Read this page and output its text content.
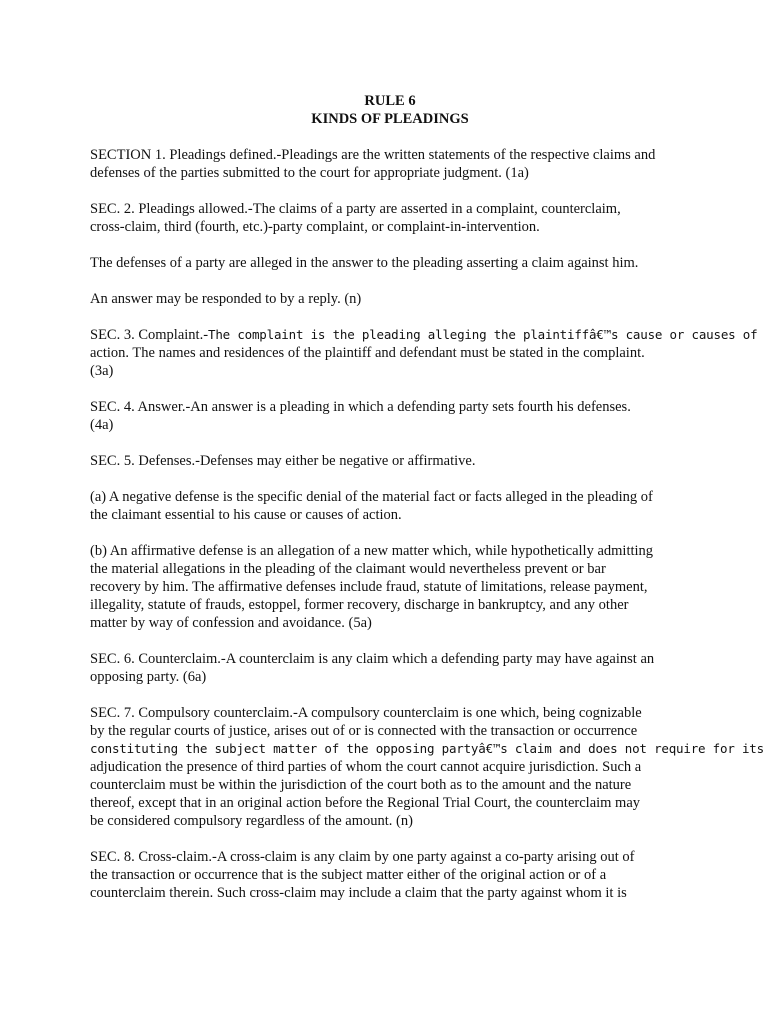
RULE 6
KINDS OF PLEADINGS

SECTION 1. Pleadings defined.-Pleadings are the written statements of the respective claims and
defenses of the parties submitted to the court for appropriate judgment. (1a)

SEC. 2. Pleadings allowed.-The claims of a party are asserted in a complaint, counterclaim,
cross-claim, third (fourth, etc.)-party complaint, or complaint-in-intervention.

The defenses of a party are alleged in the answer to the pleading asserting a claim against him.

An answer may be responded to by a reply. (n)

SEC. 3. Complaint.-The complaint is the pleading alleging the plaintiffâ€™s cause or causes of
action. The names and residences of the plaintiff and defendant must be stated in the complaint.
(3a)

SEC. 4. Answer.-An answer is a pleading in which a defending party sets fourth his defenses.
(4a)

SEC. 5. Defenses.-Defenses may either be negative or affirmative.

(a) A negative defense is the specific denial of the material fact or facts alleged in the pleading of
the claimant essential to his cause or causes of action.

(b) An affirmative defense is an allegation of a new matter which, while hypothetically admitting
the material allegations in the pleading of the claimant would nevertheless prevent or bar
recovery by him. The affirmative defenses include fraud, statute of limitations, release payment,
illegality, statute of frauds, estoppel, former recovery, discharge in bankruptcy, and any other
matter by way of confession and avoidance. (5a)

SEC. 6. Counterclaim.-A counterclaim is any claim which a defending party may have against an
opposing party. (6a)

SEC. 7. Compulsory counterclaim.-A compulsory counterclaim is one which, being cognizable
by the regular courts of justice, arises out of or is connected with the transaction or occurrence
constituting the subject matter of the opposing partyâ€™s claim and does not require for its
adjudication the presence of third parties of whom the court cannot acquire jurisdiction. Such a
counterclaim must be within the jurisdiction of the court both as to the amount and the nature
thereof, except that in an original action before the Regional Trial Court, the counterclaim may
be considered compulsory regardless of the amount. (n)

SEC. 8. Cross-claim.-A cross-claim is any claim by one party against a co-party arising out of
the transaction or occurrence that is the subject matter either of the original action or of a
counterclaim therein. Such cross-claim may include a claim that the party against whom it is
